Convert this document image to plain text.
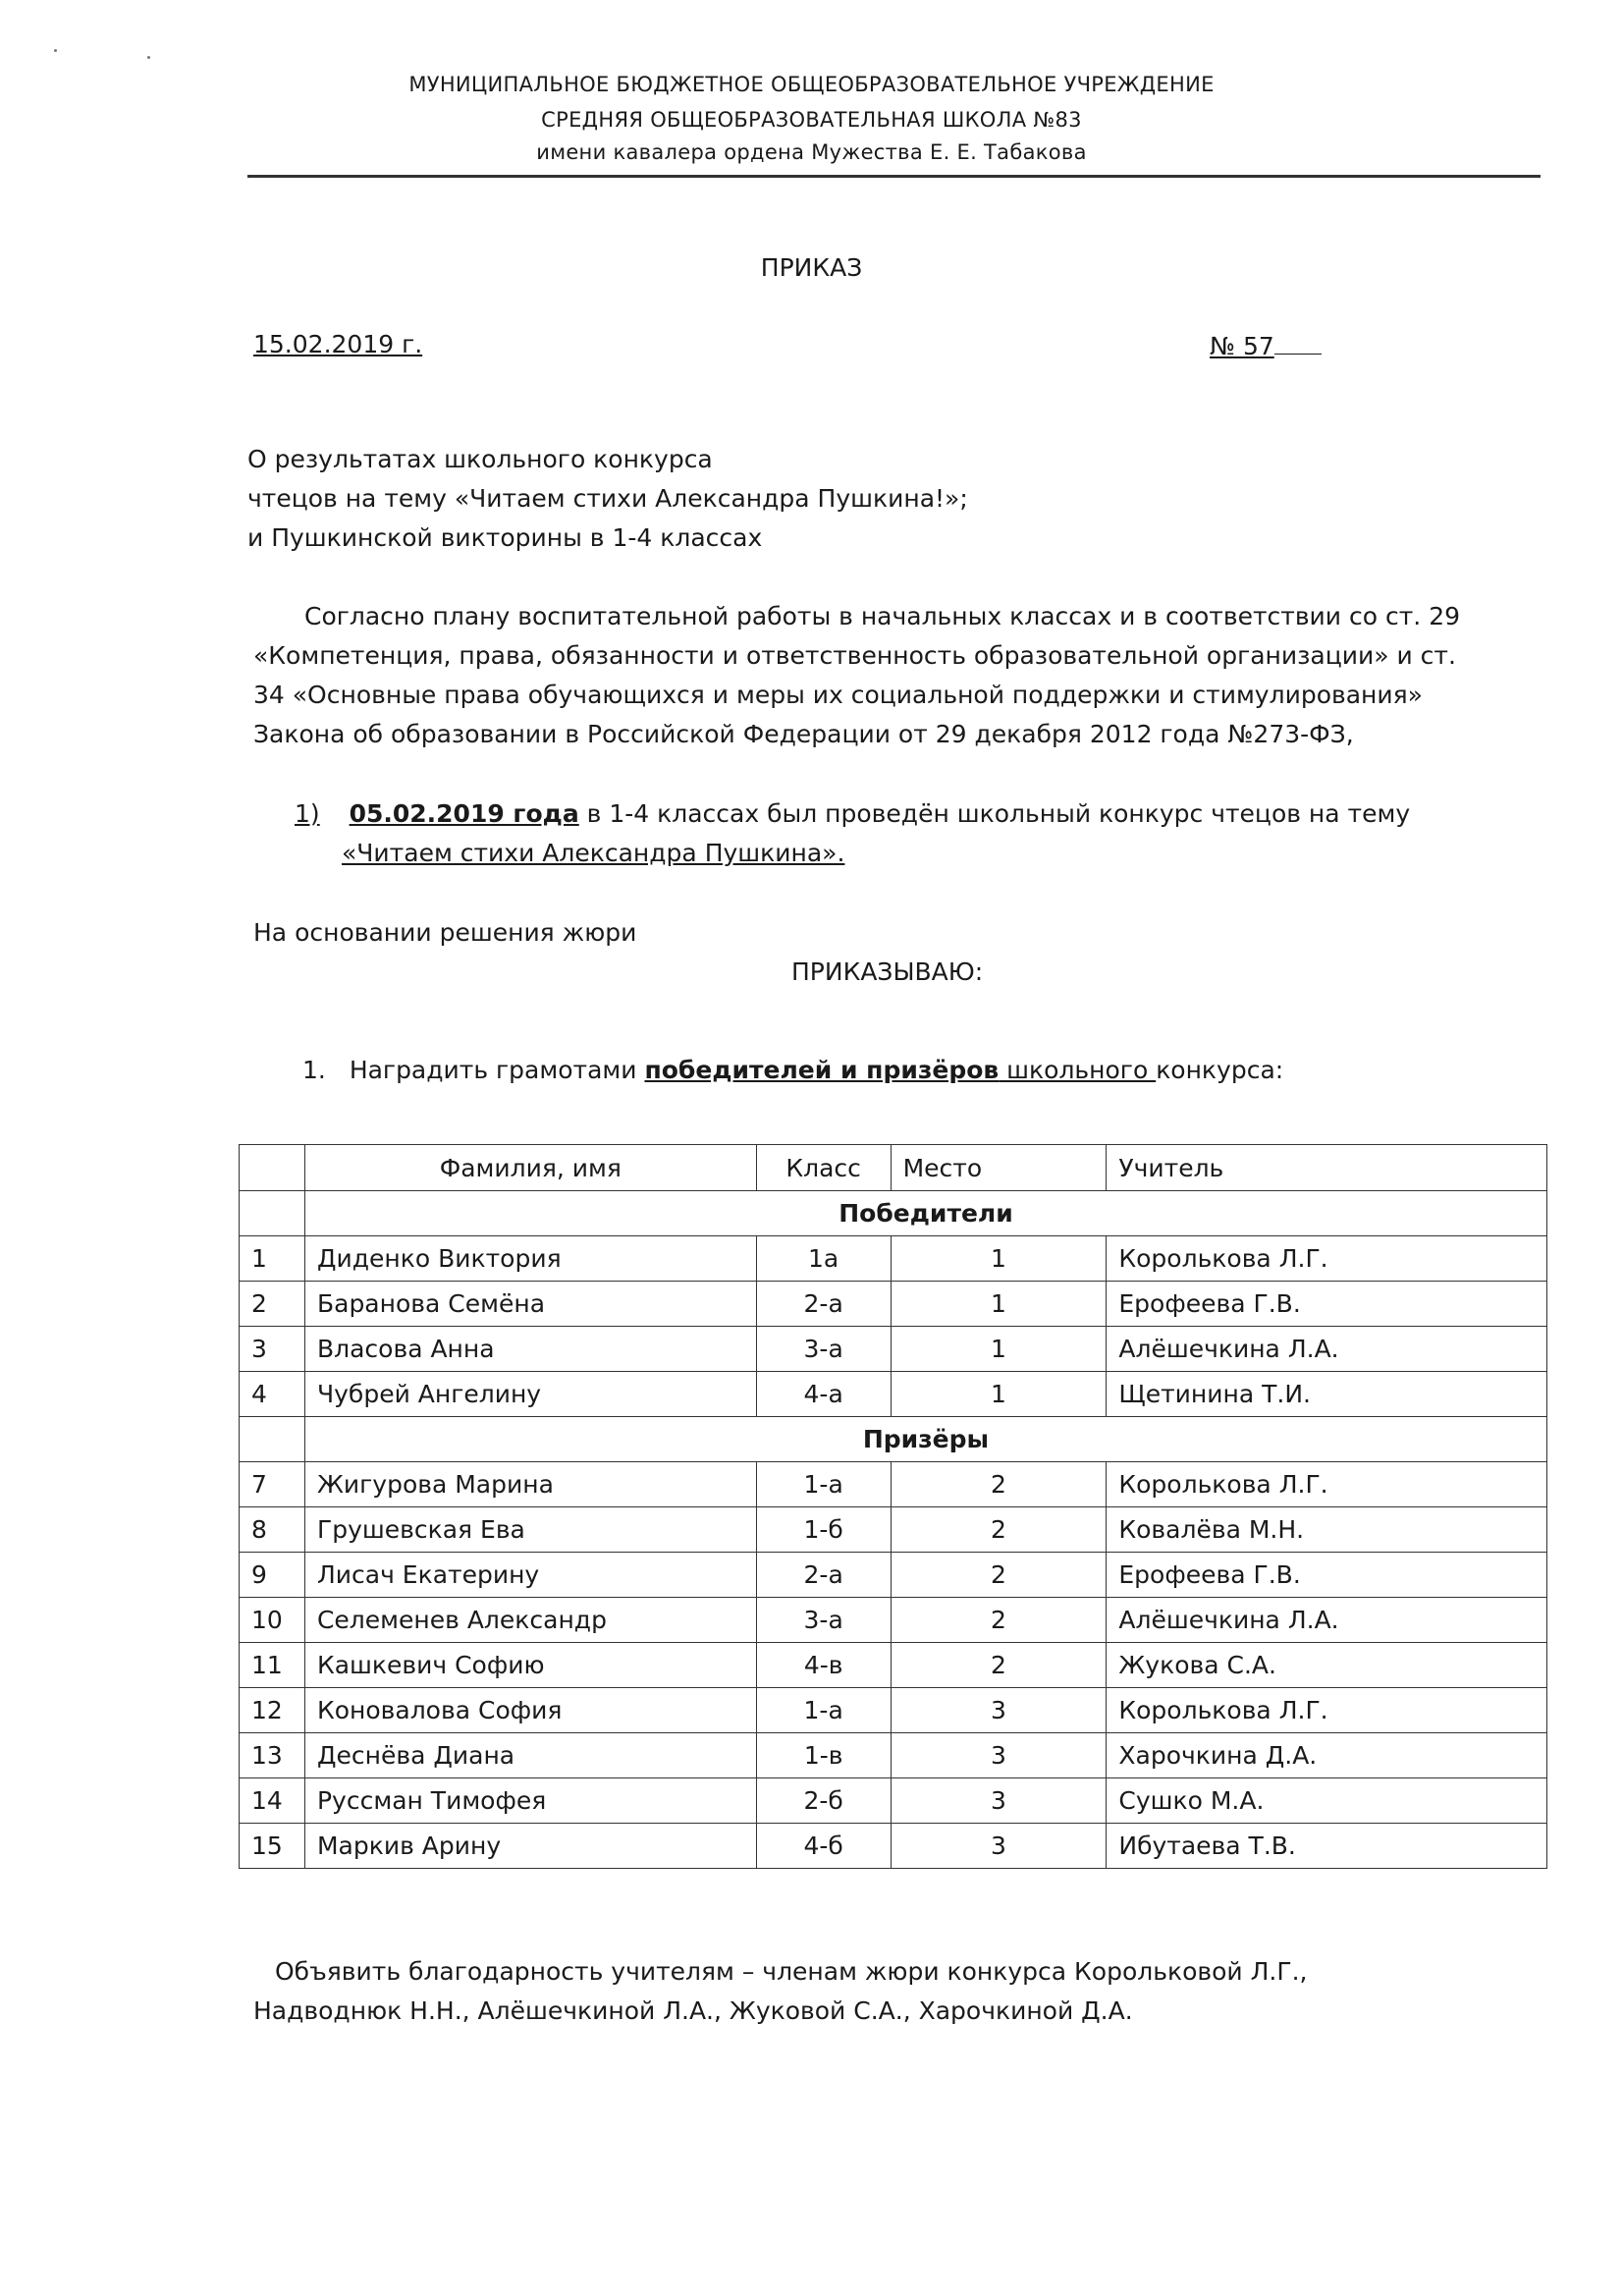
МУНИЦИПАЛЬНОЕ БЮДЖЕТНОЕ ОБЩЕОБРАЗОВАТЕЛЬНОЕ УЧРЕЖДЕНИЕ
СРЕДНЯЯ ОБЩЕОБРАЗОВАТЕЛЬНАЯ ШКОЛА №83
имени кавалера ордена Мужества Е. Е. Табакова
ПРИКАЗ
15.02.2019 г.	№ 57
О результатах школьного конкурса
чтецов на тему «Читаем стихи Александра Пушкина!»;
и Пушкинской викторины в 1-4 классах
Согласно плану воспитательной работы в начальных классах и в соответствии со ст. 29
«Компетенция, права, обязанности и ответственность образовательной организации» и ст.
34 «Основные права обучающихся и меры их социальной поддержки и стимулирования»
Закона об образовании в Российской Федерации от 29 декабря 2012 года №273-ФЗ,
1) 05.02.2019 года в 1-4 классах был проведён школьный конкурс чтецов на тему
«Читаем стихи Александра Пушкина».
На основании решения жюри
ПРИКАЗЫВАЮ:
1. Наградить грамотами победителей и призёров школьного конкурса:
	Фамилия, имя	Класс	Место	Учитель
	Победители			
1	Диденко Виктория	1а	1	Королькова Л.Г.
2	Баранова Семёна	2-а	1	Ерофеева Г.В.
3	Власова Анна	3-а	1	Алёшечкина Л.А.
4	Чубрей Ангелину	4-а	1	Щетинина Т.И.
	Призёры			
7	Жигурова Марина	1-а	2	Королькова Л.Г.
8	Грушевская Ева	1-б	2	Ковалёва М.Н.
9	Лисач Екатерину	2-а	2	Ерофеева Г.В.
10	Селеменев Александр	3-а	2	Алёшечкина Л.А.
11	Кашкевич Софию	4-в	2	Жукова С.А.
12	Коновалова София	1-а	3	Королькова Л.Г.
13	Деснёва Диана	1-в	3	Харочкина Д.А.
14	Руссман Тимофея	2-б	3	Сушко М.А.
15	Маркив Арину	4-б	3	Ибутаева Т.В.
Объявить благодарность учителям – членам жюри конкурса Корольковой Л.Г.,
Надводнюк Н.Н., Алёшечкиной Л.А., Жуковой С.А., Харочкиной Д.А.
